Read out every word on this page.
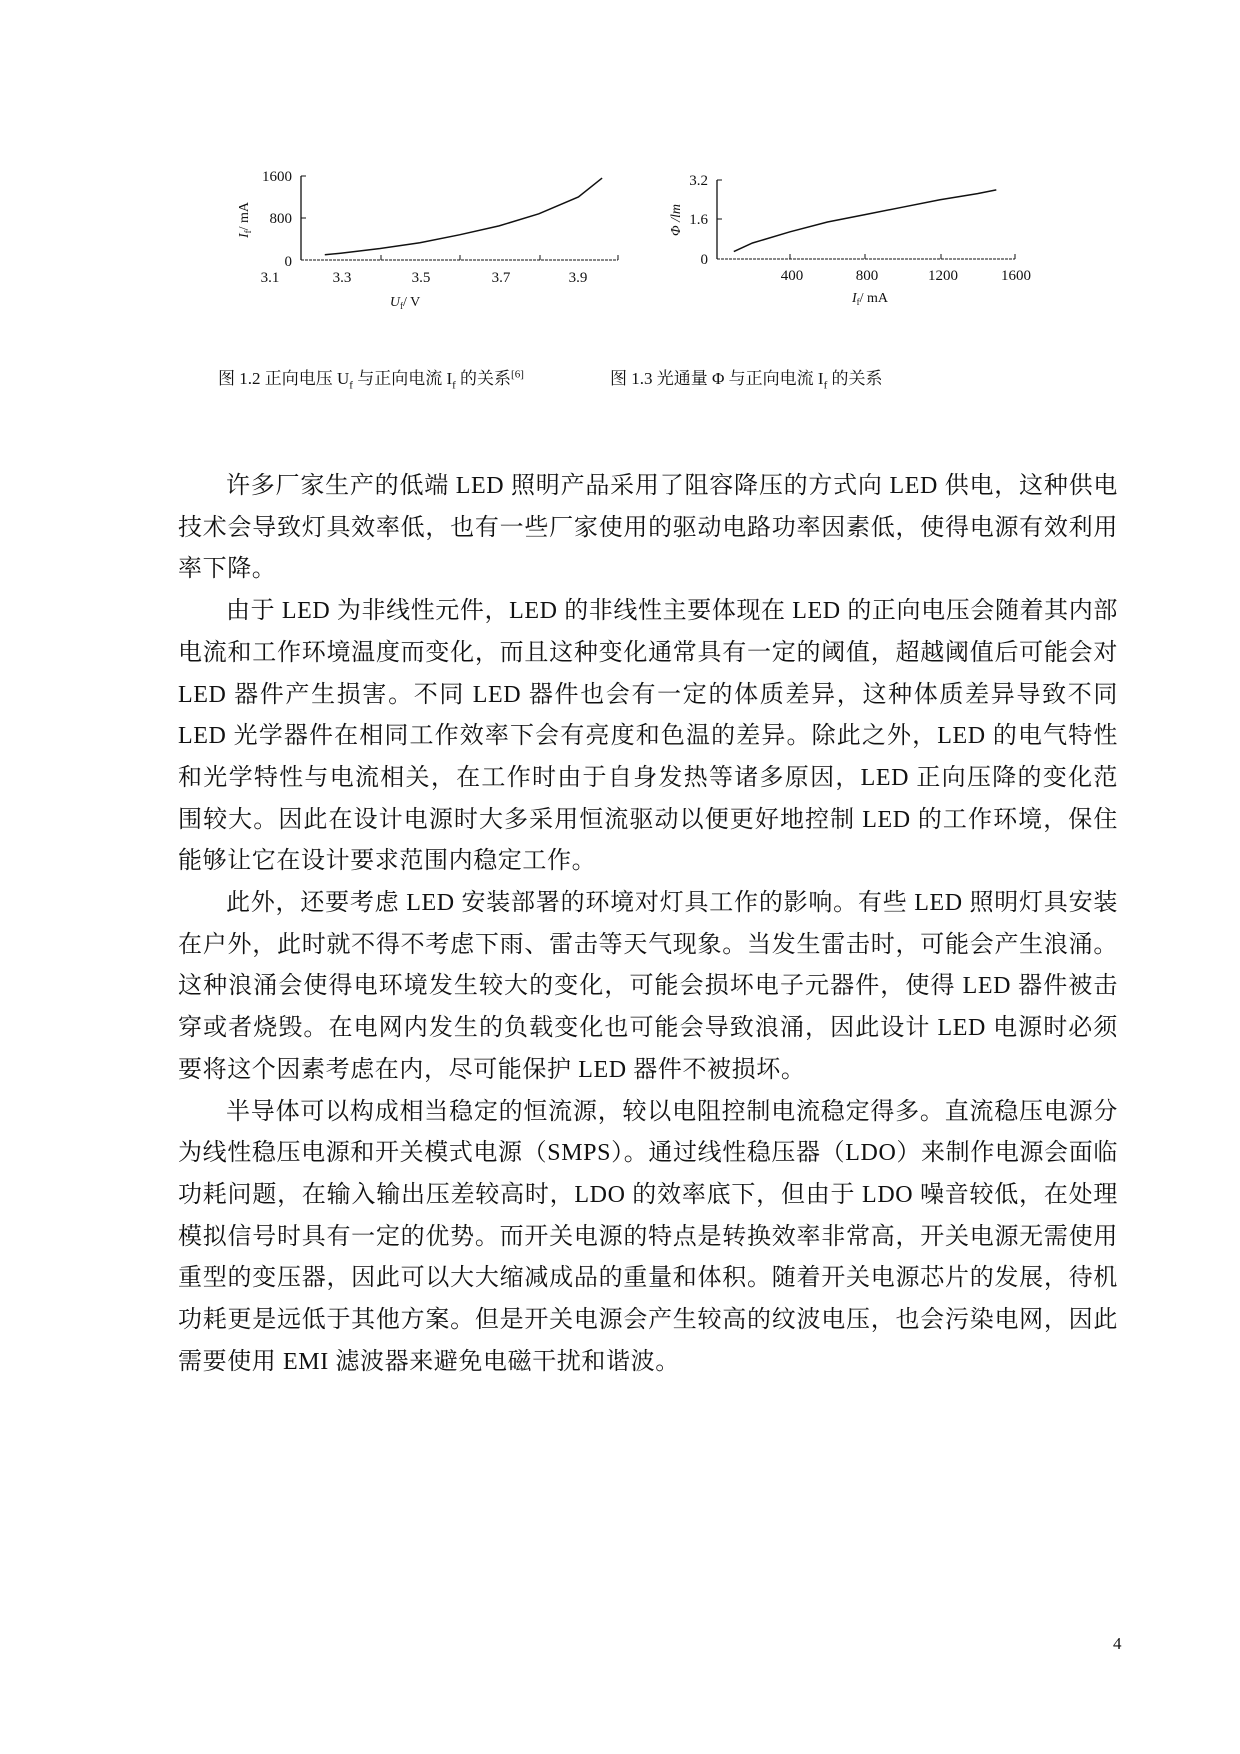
1600
800
0
3.1	3.3	3.5	3.7	3.9
$I_f/$ mA
$U_f/$ V
3.2
1.6
0
400	800	1200	1600
Φ /lm
$I_f/$ mA
图 1.2 正向电压 $U_f$ 与正向电流 $I_f$ 的关系[6]	图 1.3 光通量 Φ 与正向电流 $I_f$ 的关系

许多厂家生产的低端 LED 照明产品采用了阻容降压的方式向 LED 供电，这种供电技术会导致灯具效率低，也有一些厂家使用的驱动电路功率因素低，使得电源有效利用率下降。

由于 LED 为非线性元件，LED 的非线性主要体现在 LED 的正向电压会随着其内部电流和工作环境温度而变化，而且这种变化通常具有一定的阈值，超越阈值后可能会对 LED 器件产生损害。不同 LED 器件也会有一定的体质差异，这种体质差异导致不同 LED 光学器件在相同工作效率下会有亮度和色温的差异。除此之外，LED 的电气特性和光学特性与电流相关，在工作时由于自身发热等诸多原因，LED 正向压降的变化范围较大。因此在设计电源时大多采用恒流驱动以便更好地控制 LED 的工作环境，保住能够让它在设计要求范围内稳定工作。

此外，还要考虑 LED 安装部署的环境对灯具工作的影响。有些 LED 照明灯具安装在户外，此时就不得不考虑下雨、雷击等天气现象。当发生雷击时，可能会产生浪涌。这种浪涌会使得电环境发生较大的变化，可能会损坏电子元器件，使得 LED 器件被击穿或者烧毁。在电网内发生的负载变化也可能会导致浪涌，因此设计 LED 电源时必须要将这个因素考虑在内，尽可能保护 LED 器件不被损坏。

半导体可以构成相当稳定的恒流源，较以电阻控制电流稳定得多。直流稳压电源分为线性稳压电源和开关模式电源（SMPS）。通过线性稳压器（LDO）来制作电源会面临功耗问题，在输入输出压差较高时，LDO 的效率底下，但由于 LDO 噪音较低，在处理模拟信号时具有一定的优势。而开关电源的特点是转换效率非常高，开关电源无需使用重型的变压器，因此可以大大缩减成品的重量和体积。随着开关电源芯片的发展，待机功耗更是远低于其他方案。但是开关电源会产生较高的纹波电压，也会污染电网，因此需要使用 EMI 滤波器来避免电磁干扰和谐波。

4
